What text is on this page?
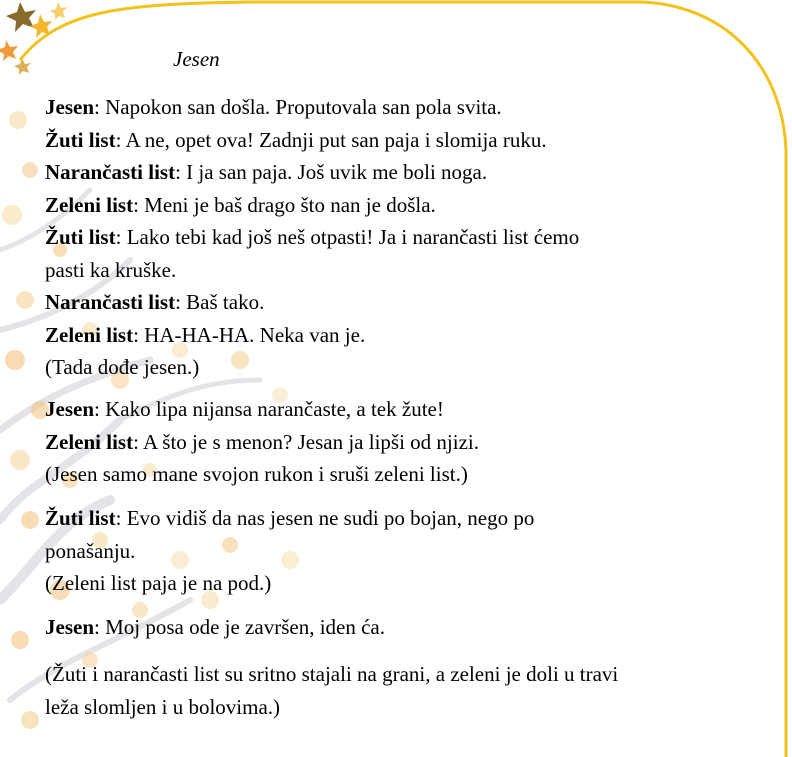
Jesen
Jesen: Napokon san došla. Proputovala san pola svita.
Žuti list: A ne, opet ova! Zadnji put san paja i slomija ruku.
Narančasti list: I ja san paja. Još uvik me boli noga.
Zeleni list: Meni je baš drago što nan je došla.
Žuti list: Lako tebi kad još neš otpasti! Ja i narančasti list ćemo
pasti ka kruške.
Narančasti list: Baš tako.
Zeleni list: HA-HA-HA. Neka van je.
(Tada dođe jesen.)
Jesen: Kako lipa nijansa narančaste, a tek žute!
Zeleni list: A što je s menon? Jesan ja lipši od njizi.
(Jesen samo mane svojon rukon i sruši zeleni list.)
Žuti list: Evo vidiš da nas jesen ne sudi po bojan, nego po
ponašanju.
(Zeleni list paja je na pod.)
Jesen: Moj posa ode je završen, iden ća.
(Žuti i narančasti list su sritno stajali na grani, a zeleni je doli u travi
leža slomljen i u bolovima.)
